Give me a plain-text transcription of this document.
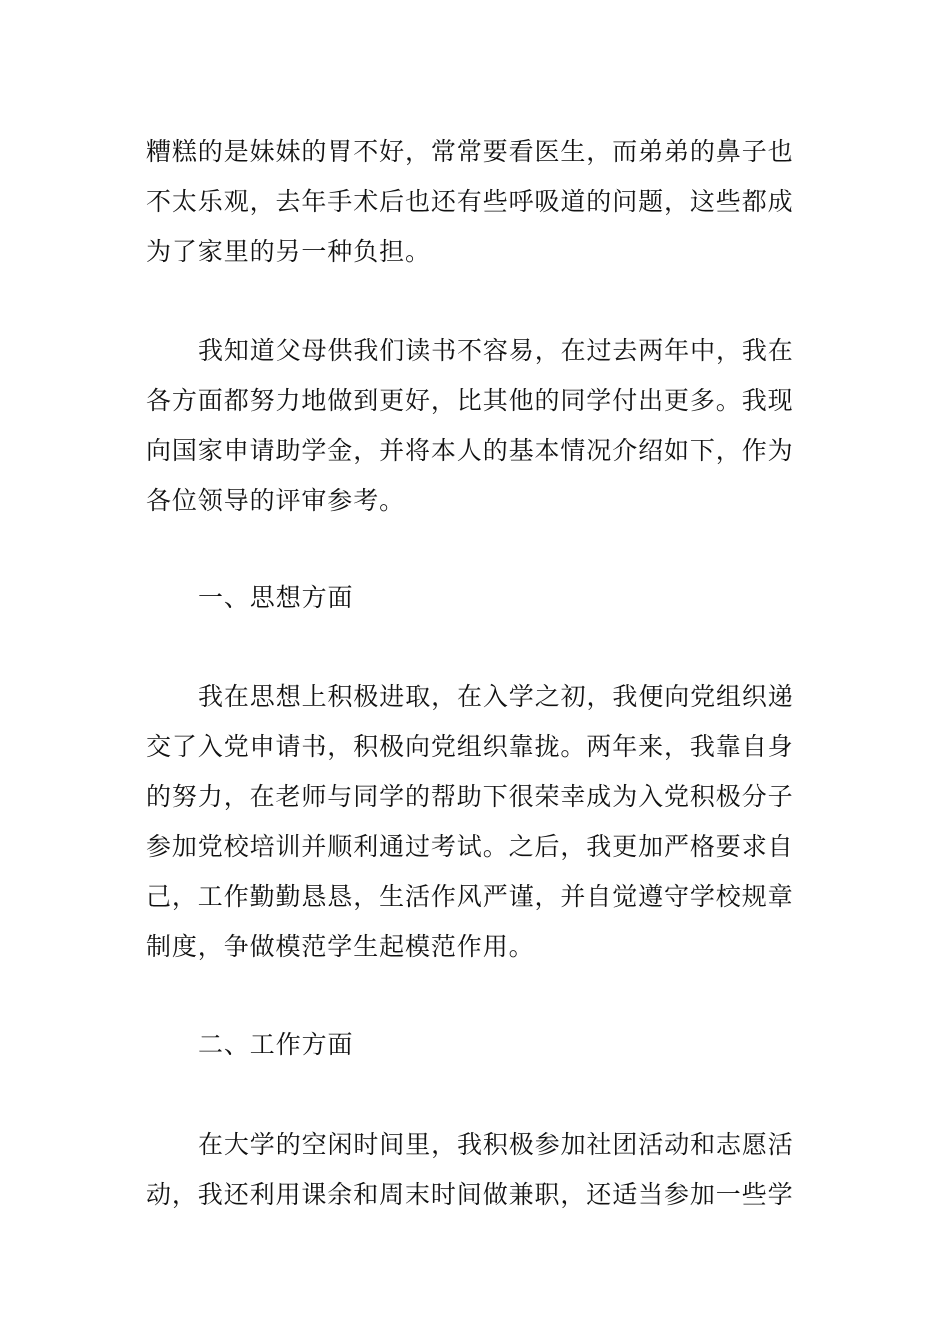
糟糕的是妹妹的胃不好，常常要看医生，而弟弟的鼻子也
不太乐观，去年手术后也还有些呼吸道的问题，这些都成
为了家里的另一种负担。
我知道父母供我们读书不容易，在过去两年中，我在
各方面都努力地做到更好，比其他的同学付出更多。我现
向国家申请助学金，并将本人的基本情况介绍如下，作为
各位领导的评审参考。
一、思想方面
我在思想上积极进取，在入学之初，我便向党组织递
交了入党申请书，积极向党组织靠拢。两年来，我靠自身
的努力，在老师与同学的帮助下很荣幸成为入党积极分子
参加党校培训并顺利通过考试。之后，我更加严格要求自
己，工作勤勤恳恳，生活作风严谨，并自觉遵守学校规章
制度，争做模范学生起模范作用。
二、工作方面
在大学的空闲时间里，我积极参加社团活动和志愿活
动，我还利用课余和周末时间做兼职，还适当参加一些学
